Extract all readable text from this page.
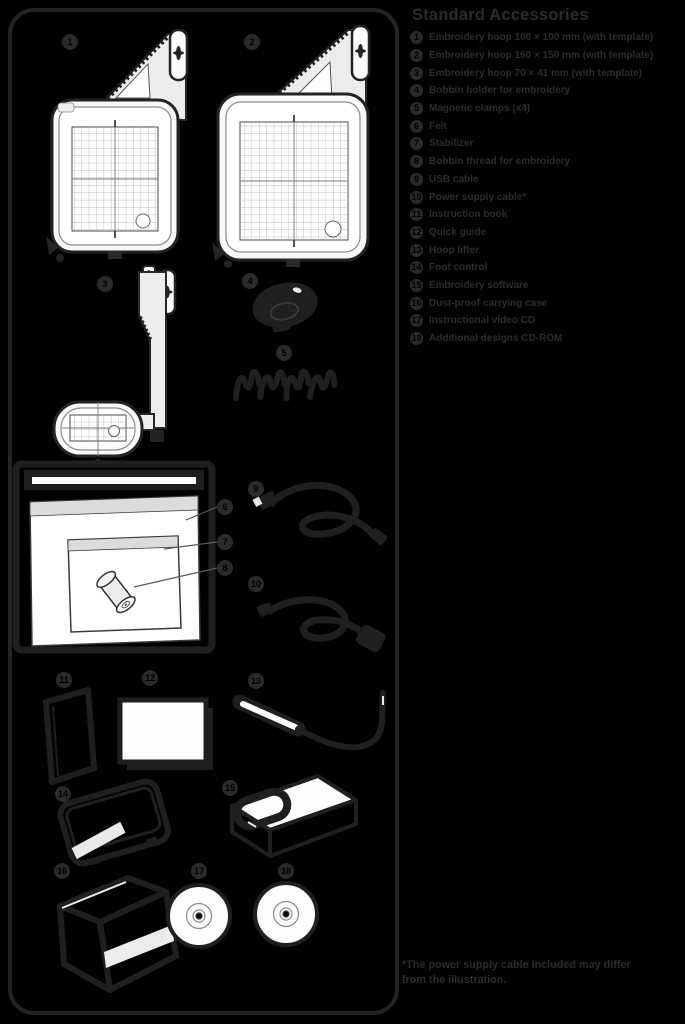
1	2
3	4
5
6
7
8
9
10
11	12	13
14
15
16	17	18
Standard Accessories
1	Embroidery hoop 100 × 100 mm (with template)
2	Embroidery hoop 150 × 150 mm (with template)
3	Embroidery hoop 70 × 41 mm (with template)
4	Bobbin holder for embroidery
5	Magnetic clamps (x4)
6	Felt
7	Stabilizer
8	Bobbin thread for embroidery
9	USB cable
10 Power supply cable*
11 Instruction book
12 Quick guide
13 Hoop lifter
14 Foot control
15 Embroidery software
16 Dust-proof carrying case
17 Instructional video CD
18 Additional designs CD-ROM

*The power supply cable included may differ
from the illustration.
